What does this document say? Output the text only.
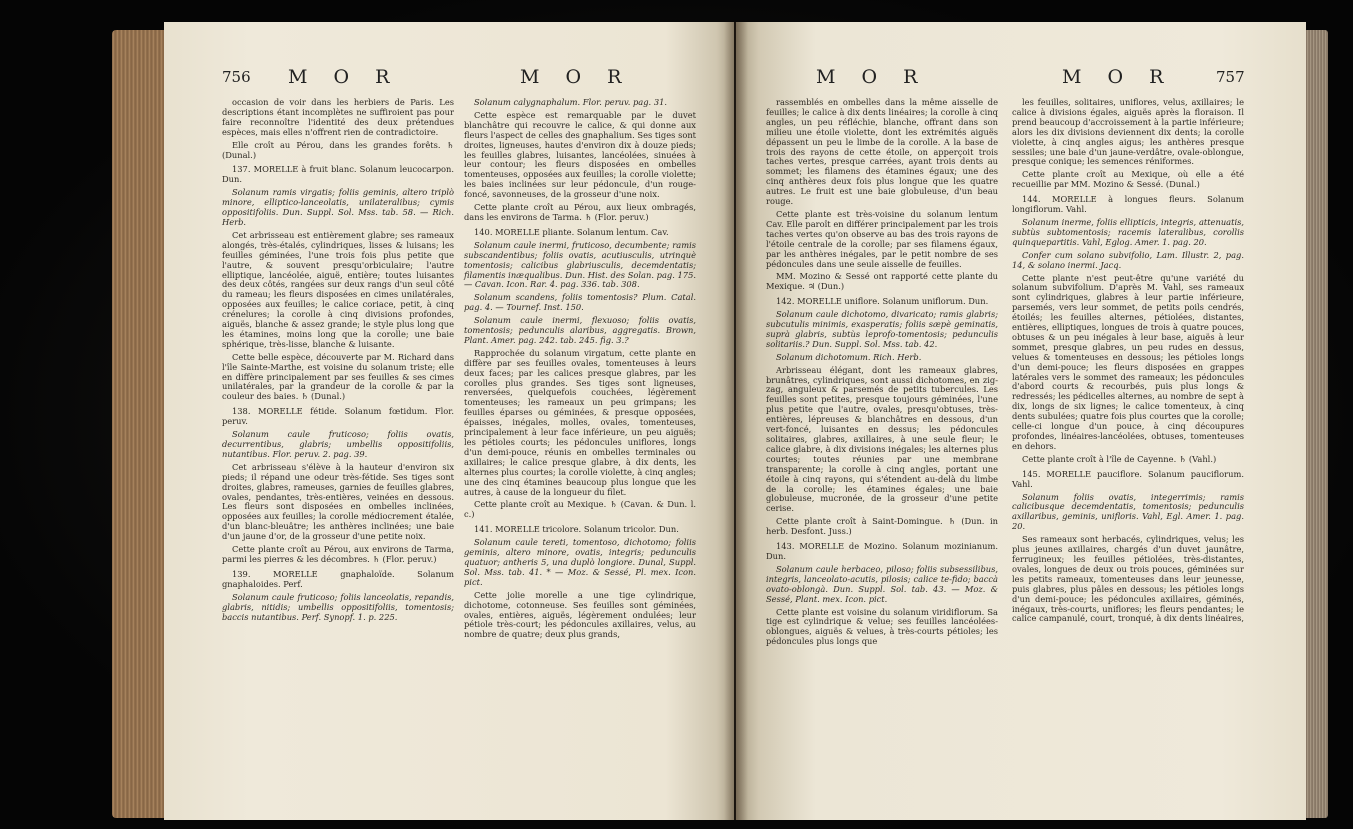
756 M O R	M O R

occasion de voir dans les herbiers de Paris. Les descriptions étant incomplètes ne suffiroient pas pour faire reconnoître l'identité des deux prétendues espèces, mais elles n'offrent rien de contradictoire.

Elle croît au Pérou, dans les grandes forêts. ♄ (Dunal.)

137. MORELLE à fruit blanc. Solanum leucocarpon. Dun.

Solanum ramis virgatis; foliis geminis, altero triplò minore, elliptico-lanceolatis, unilateralibus; cymis oppositifoliis. Dun. Suppl. Sol. Mss. tab. 58. — Rich. Herb.

Cet arbrisseau est entièrement glabre; ses rameaux alongés, très-étalés, cylindriques, lisses & luisans; les feuilles géminées, l'une trois fois plus petite que l'autre, & souvent presqu'orbiculaire; l'autre elliptique, lancéolée, aiguë, entière; toutes luisantes des deux côtés, rangées sur deux rangs d'un seul côté du rameau; les fleurs disposées en cimes unilatérales, opposées aux feuilles; le calice coriace, petit, à cinq crénelures; la corolle à cinq divisions profondes, aiguës, blanche & assez grande; le style plus long que les étamines, moins long que la corolle; une baie sphérique, très-lisse, blanche & luisante.

Cette belle espèce, découverte par M. Richard dans l'île Sainte-Marthe, est voisine du solanum triste; elle en diffère principalement par ses feuilles & ses cimes unilatérales, par la grandeur de la corolle & par la couleur des baies. ♄ (Dunal.)

138. MORELLE fétide. Solanum fœtidum. Flor. peruv.

Solanum caule fruticoso; foliis ovatis, decurrentibus, glabris; umbellis oppositifoliis, nutantibus. Flor. peruv. 2. pag. 39.

Cet arbrisseau s'élève à la hauteur d'environ six pieds; il répand une odeur très-fétide. Ses tiges sont droites, glabres, rameuses, garnies de feuilles glabres, ovales, pendantes, très-entières, veinées en dessous. Les fleurs sont disposées en ombelles inclinées, opposées aux feuilles; la corolle médiocrement étalée, d'un blanc-bleuâtre; les anthères inclinées; une baie d'un jaune d'or, de la grosseur d'une petite noix.

Cette plante croît au Pérou, aux environs de Tarma, parmi les pierres & les décombres. ♄ (Flor. peruv.)

139. MORELLE gnaphaloïde. Solanum gnaphaloides. Perf.

Solanum caule fruticoso; foliis lanceolatis, repandis, glabris, nitidis; umbellis oppositifoliis, tomentosis; baccis nutantibus. Perf. Synopf. 1. p. 225.

Solanum calygnaphalum. Flor. peruv. pag. 31.

Cette espèce est remarquable par le duvet blanchâtre qui recouvre le calice, & qui donne aux fleurs l'aspect de celles des gnaphalium. Ses tiges sont droites, ligneuses, hautes d'environ dix à douze pieds; les feuilles glabres, luisantes, lancéolées, sinuées à leur contour; les fleurs disposées en ombelles tomenteuses, opposées aux feuilles; la corolle violette; les baies inclinées sur leur pédoncule, d'un rouge-foncé, savonneuses, de la grosseur d'une noix.

Cette plante croît au Pérou, aux lieux ombragés, dans les environs de Tarma. ♄ (Flor. peruv.)

140. MORELLE pliante. Solanum lentum. Cav.

Solanum caule inermi, fruticoso, decumbente; ramis subscandentibus; foliis ovatis, acutiusculis, utrinquè tomentosis; calicibus glabriusculis, decemdentatis; filamentis inæqualibus. Dun. Hist. des Solan. pag. 175. — Cavan. Icon. Rar. 4. pag. 336. tab. 308.

Solanum scandens, foliis tomentosis? Plum. Catal. pag. 4. — Tournef. Inst. 150.

Solanum caule inermi, flexuoso; foliis ovatis, tomentosis; pedunculis alaribus, aggregatis. Brown, Plant. Amer. pag. 242. tab. 245. fig. 3.?

Rapprochée du solanum virgatum, cette plante en diffère par ses feuilles ovales, tomenteuses à leurs deux faces; par les calices presque glabres, par les corolles plus grandes. Ses tiges sont ligneuses, renversées, quelquefois couchées, légèrement tomenteuses; les rameaux un peu grimpans; les feuilles éparses ou géminées, & presque opposées, épaisses, inégales, molles, ovales, tomenteuses, principalement à leur face inférieure, un peu aiguës; les pétioles courts; les pédoncules uniflores, longs d'un demi-pouce, réunis en ombelles terminales ou axillaires; le calice presque glabre, à dix dents, les alternes plus courtes; la corolle violette, à cinq angles; une des cinq étamines beaucoup plus longue que les autres, à cause de la longueur du filet.

Cette plante croît au Mexique. ♄ (Cavan. & Dun. l. c.)

141. MORELLE tricolore. Solanum tricolor. Dun.

Solanum caule tereti, tomentoso, dichotomo; foliis geminis, altero minore, ovatis, integris; pedunculis quatuor; antheris 5, una duplò longiore. Dunal, Suppl. Sol. Mss. tab. 41. * — Moz. & Sessé, Pl. mex. Icon. pict.

Cette jolie morelle a une tige cylindrique, dichotome, cotonneuse. Ses feuilles sont géminées, ovales, entières, aiguës, légèrement ondulées; leur pétiole très-court; les pédoncules axillaires, velus, au nombre de quatre; deux plus grands,

M O R	M O R	757

rassemblés en ombelles dans la même aisselle de feuilles; le calice à dix dents linéaires; la corolle à cinq angles, un peu réfléchie, blanche, offrant dans son milieu une étoile violette, dont les extrémités aiguës dépassent un peu le limbe de la corolle. A la base de trois des rayons de cette étoile, on apperçoit trois taches vertes, presque carrées, ayant trois dents au sommet; les filamens des étamines égaux; une des cinq anthères deux fois plus longue que les quatre autres. Le fruit est une baie globuleuse, d'un beau rouge.

Cette plante est très-voisine du solanum lentum Cav. Elle paroît en différer principalement par les trois taches vertes qu'on observe au bas des trois rayons de l'étoile centrale de la corolle; par ses filamens égaux, par les anthères inégales, par le petit nombre de ses pédoncules dans une seule aisselle de feuilles.

MM. Mozino & Sessé ont rapporté cette plante du Mexique. ♃ (Dun.)

142. MORELLE uniflore. Solanum uniflorum. Dun.

Solanum caule dichotomo, divaricato; ramis glabris; subcutulis minimis, exasperatis; foliis sæpè geminatis, suprà glabris, subtùs leprofo-tomentosis; pedunculis solitariis.? Dun. Suppl. Sol. Mss. tab. 42.

Solanum dichotomum. Rich. Herb.

Arbrisseau élégant, dont les rameaux glabres, brunâtres, cylindriques, sont aussi dichotomes, en zig-zag, anguleux & parsemés de petits tubercules. Les feuilles sont petites, presque toujours géminées, l'une plus petite que l'autre, ovales, presqu'obtuses, très-entières, lépreuses & blanchâtres en dessous, d'un vert-foncé, luisantes en dessus; les pédoncules solitaires, glabres, axillaires, à une seule fleur; le calice glabre, à dix divisions inégales; les alternes plus courtes; toutes réunies par une membrane transparente; la corolle à cinq angles, portant une étoile à cinq rayons, qui s'étendent au-delà du limbe de la corolle; les étamines égales; une baie globuleuse, mucronée, de la grosseur d'une petite cerise.

Cette plante croît à Saint-Domingue. ♄ (Dun. in herb. Desfont. Juss.)

143. MORELLE de Mozino. Solanum mozinianum. Dun.

Solanum caule herbaceo, piloso; foliis subsessilibus, integris, lanceolato-acutis, pilosis; calice te-fido; baccà ovato-oblongà. Dun. Suppl. Sol. tab. 43. — Moz. & Sessé, Plant. mex. Icon. pict.

Cette plante est voisine du solanum viridiflorum. Sa tige est cylindrique & velue; ses feuilles lancéolées-oblongues, aiguës & velues, à très-courts pétioles; les pédoncules plus longs que

les feuilles, solitaires, uniflores, velus, axillaires; le calice à divisions égales, aiguës après la floraison. Il prend beaucoup d'accroissement à la partie inférieure; alors les dix divisions deviennent dix dents; la corolle violette, à cinq angles aigus; les anthères presque sessiles; une baie d'un jaune-verdâtre, ovale-oblongue, presque conique; les semences réniformes.

Cette plante croît au Mexique, où elle a été recueillie par MM. Mozino & Sessé. (Dunal.)

144. MORELLE à longues fleurs. Solanum longiflorum. Vahl.

Solanum inerme, foliis ellipticis, integris, attenuatis, subtùs subtomentosis; racemis lateralibus, corollis quinquepartitis. Vahl, Eglog. Amer. 1. pag. 20.

Confer cum solano subvifolio, Lam. Illustr. 2, pag. 14, & solano inermi. Jacq.

Cette plante n'est peut-être qu'une variété du solanum subvifolium. D'après M. Vahl, ses rameaux sont cylindriques, glabres à leur partie inférieure, parsemés, vers leur sommet, de petits poils cendrés, étoilés; les feuilles alternes, pétiolées, distantes, entières, elliptiques, longues de trois à quatre pouces, obtuses & un peu inégales à leur base, aiguës à leur sommet, presque glabres, un peu rudes en dessus, velues & tomenteuses en dessous; les pétioles longs d'un demi-pouce; les fleurs disposées en grappes latérales vers le sommet des rameaux; les pédoncules d'abord courts & recourbés, puis plus longs & redressés; les pédicelles alternes, au nombre de sept à dix, longs de six lignes; le calice tomenteux, à cinq dents subulées; quatre fois plus courtes que la corolle; celle-ci longue d'un pouce, à cinq découpures profondes, linéaires-lancéolées, obtuses, tomenteuses en dehors.

Cette plante croît à l'île de Cayenne. ♄ (Vahl.)

145. MORELLE pauciflore. Solanum pauciflorum. Vahl.

Solanum foliis ovatis, integerrimis; ramis calicibusque decemdentatis, tomentosis; pedunculis axillaribus, geminis, unifloris. Vahl, Egl. Amer. 1. pag. 20.

Ses rameaux sont herbacés, cylindriques, velus; les plus jeunes axillaires, chargés d'un duvet jaunâtre, ferrugineux; les feuilles pétiolées, très-distantes, ovales, longues de deux ou trois pouces, géminées sur les petits rameaux, tomenteuses dans leur jeunesse, puis glabres, plus pâles en dessous; les pétioles longs d'un demi-pouce; les pédoncules axillaires, géminés, inégaux, très-courts, uniflores; les fleurs pendantes; le calice campanulé, court, tronqué, à dix dents linéaires,
